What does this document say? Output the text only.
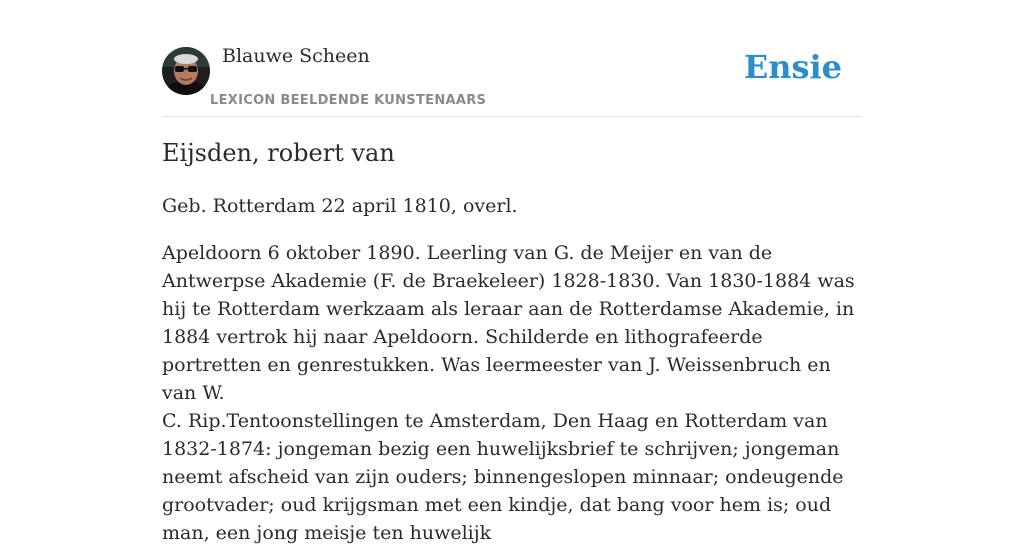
Blauwe Scheen
LEXICON BEELDENDE KUNSTENAARS
Ensie
Eijsden, robert van

Geb. Rotterdam 22 april 1810, overl.

Apeldoorn 6 oktober 1890. Leerling van G. de Meijer en van de Antwerpse Akademie (F. de Braekeleer) 1828-1830. Van 1830-1884 was hij te Rotterdam werkzaam als leraar aan de Rotterdamse Akademie, in 1884 vertrok hij naar Apeldoorn. Schilderde en lithografeerde portretten en genrestukken. Was leermeester van J. Weissenbruch en van W.

C. Rip.Tentoonstellingen te Amsterdam, Den Haag en Rotterdam van 1832-1874: jongeman bezig een huwelijksbrief te schrijven; jongeman neemt afscheid van zijn ouders; binnengeslopen minnaar; ondeugende grootvader; oud krijgsman met een kindje, dat bang voor hem is; oud man, een jong meisje ten huwelijk
